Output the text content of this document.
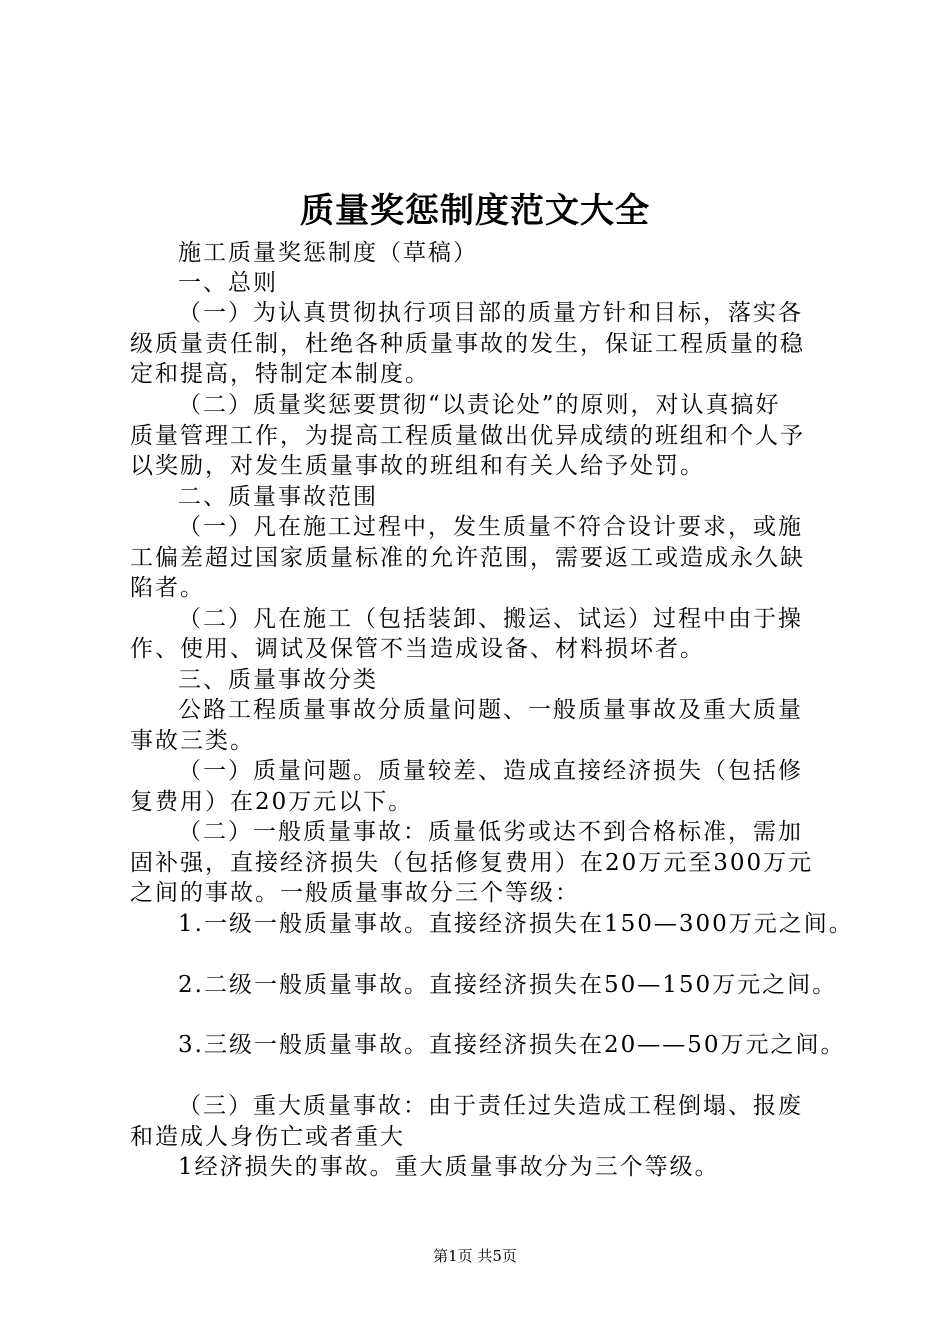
质量奖惩制度范文大全
施工质量奖惩制度（草稿）
一、总则
（一）为认真贯彻执行项目部的质量方针和目标，落实各
级质量责任制，杜绝各种质量事故的发生，保证工程质量的稳
定和提高，特制定本制度。
（二）质量奖惩要贯彻“以责论处”的原则，对认真搞好
质量管理工作，为提高工程质量做出优异成绩的班组和个人予
以奖励，对发生质量事故的班组和有关人给予处罚。
二、质量事故范围
（一）凡在施工过程中，发生质量不符合设计要求，或施
工偏差超过国家质量标准的允许范围，需要返工或造成永久缺
陷者。
（二）凡在施工（包括装卸、搬运、试运）过程中由于操
作、使用、调试及保管不当造成设备、材料损坏者。
三、质量事故分类
公路工程质量事故分质量问题、一般质量事故及重大质量
事故三类。
（一）质量问题。质量较差、造成直接经济损失（包括修
复费用）在20万元以下。
（二）一般质量事故：质量低劣或达不到合格标准，需加
固补强，直接经济损失（包括修复费用）在20万元至300万元
之间的事故。一般质量事故分三个等级：
1.一级一般质量事故。直接经济损失在150—300万元之间。
2.二级一般质量事故。直接经济损失在50—150万元之间。
3.三级一般质量事故。直接经济损失在20——50万元之间。
（三）重大质量事故：由于责任过失造成工程倒塌、报废
和造成人身伤亡或者重大
1经济损失的事故。重大质量事故分为三个等级。
第1页 共5页
